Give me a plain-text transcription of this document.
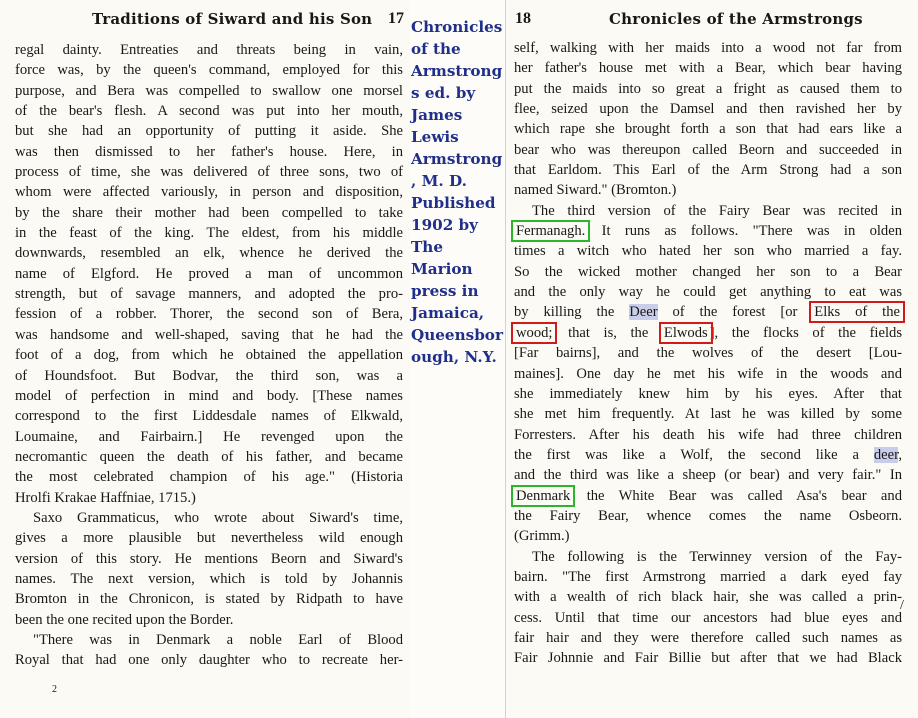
Traditions of Siward and his Son 17
regal dainty. Entreaties and threats being in vain,
force was, by the queen's command, employed for this
purpose, and Bera was compelled to swallow one morsel
of the bear's flesh. A second was put into her mouth,
but she had an opportunity of putting it aside. She
was then dismissed to her father's house. Here, in
process of time, she was delivered of three sons, two of
whom were affected variously, in person and disposition,
by the share their mother had been compelled to take
in the feast of the king. The eldest, from his middle
downwards, resembled an elk, whence he derived the
name of Elgford. He proved a man of uncommon
strength, but of savage manners, and adopted the pro-
fession of a robber. Thorer, the second son of Bera,
was handsome and well-shaped, saving that he had the
foot of a dog, from which he obtained the appellation
of Houndsfoot. But Bodvar, the third son, was a
model of perfection in mind and body. [These names
correspond to the first Liddesdale names of Elkwald,
Loumaine, and Fairbairn.] He revenged upon the
necromantic queen the death of his father, and became
the most celebrated champion of his age." (Historia
Hrolfi Krakae Haffniae, 1715.)
Saxo Grammaticus, who wrote about Siward's time,
gives a more plausible but nevertheless wild enough
version of this story. He mentions Beorn and Siward's
names. The next version, which is told by Johannis
Bromton in the Chronicon, is stated by Ridpath to have
been the one recited upon the Border.
"There was in Denmark a noble Earl of Blood
Royal that had one only daughter who to recreate her-
2
Chronicles of the Armstrongs ed. by James Lewis Armstrong, M. D. Published 1902 by The Marion press in Jamaica, Queensborough, N.Y.
18	Chronicles of the Armstrongs
self, walking with her maids into a wood not far from
her father's house met with a Bear, which bear having
put the maids into so great a fright as caused them to
flee, seized upon the Damsel and then ravished her by
which rape she brought forth a son that had ears like a
bear who was thereupon called Beorn and succeeded in
that Earldom. This Earl of the Arm Strong had a son
named Siward." (Bromton.)
The third version of the Fairy Bear was recited in
Fermanagh. It runs as follows. "There was in olden
times a witch who hated her son who married a fay.
So the wicked mother changed her son to a Bear
and the only way he could get anything to eat was
by killing the Deer of the forest [or Elks of the
wood; that is, the Elwods ], the flocks of the fields
[Far bairns], and the wolves of the desert [Lou-
maines]. One day he met his wife in the woods and
she immediately knew him by his eyes. After that
she met him frequently. At last he was killed by some
Forresters. After his death his wife had three children
the first was like a Wolf, the second like a deer,
and the third was like a sheep (or bear) and very fair." In
Denmark the White Bear was called Asa's bear and
the Fairy Bear, whence comes the name Osbeorn.
(Grimm.)
The following is the Terwinney version of the Fay-
bairn. "The first Armstrong married a dark eyed fay
with a wealth of rich black hair, she was called a prin-
cess. Until that time our ancestors had blue eyes and
fair hair and they were therefore called such names as
Fair Johnnie and Fair Billie but after that we had Black
/
